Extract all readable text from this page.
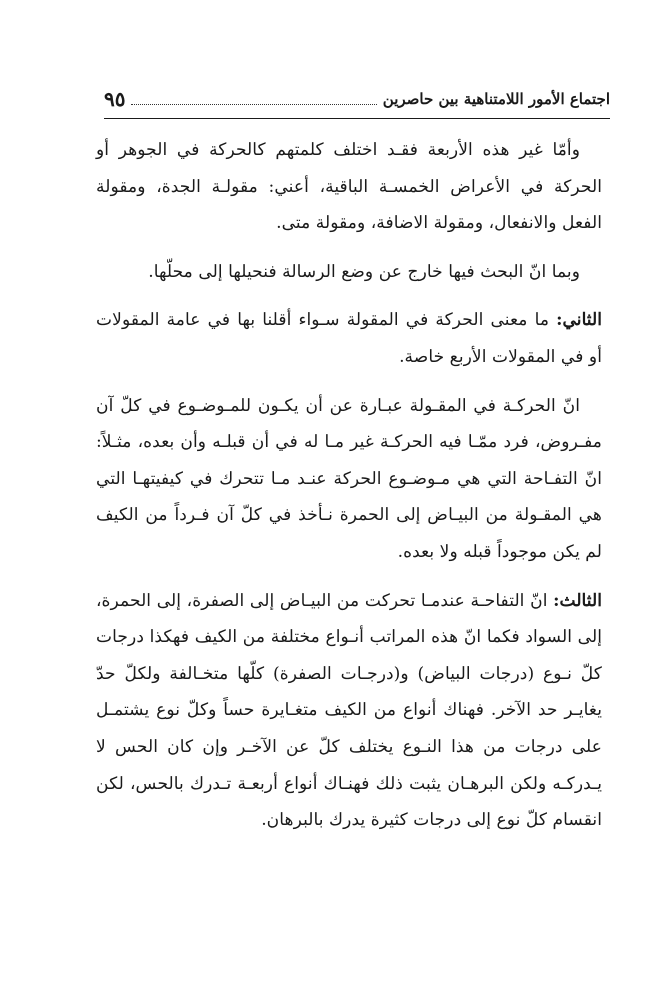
اجتماع الأمور اللامتناهية بين حاصرين
٩٥

وأمّا غير هذه الأربعة فقـد اختلف كلمتهم كالحركة في الجوهر أو الحركة في الأعراض الخمسـة الباقية، أعني: مقولـة الجدة، ومقولة الفعل والانفعال، ومقولة الاضافة، ومقولة متى.

وبما انّ البحث فيها خارج عن وضع الرسالة فنحيلها إلى محلّها.

الثاني: ما معنى الحركة في المقولة سـواء أقلنا بها في عامة المقولات أو في المقولات الأربع خاصة.

انّ الحركـة في المقـولة عبـارة عن أن يكـون للمـوضـوع في كلّ آن مفـروض، فرد ممّـا فيه الحركـة غير مـا له في أن قبلـه وأن بعده، مثـلاً: انّ التفـاحة التي هي مـوضـوع الحركة عنـد مـا تتحرك في كيفيتهـا التي هي المقـولة من البيـاض إلى الحمرة نـأخذ في كلّ آن فـرداً من الكيف لم يكن موجوداً قبله ولا بعده.

الثالث: انّ التفاحـة عندمـا تحركت من البيـاض إلى الصفرة، إلى الحمرة، إلى السواد فكما انّ هذه المراتب أنـواع مختلفة من الكيف فهكذا درجات كلّ نـوع (درجات البياض) و(درجـات الصفرة) كلّها متخـالفة ولكلّ حدّ يغايـر حد الآخر. فهناك أنواع من الكيف متغـايرة حساً وكلّ نوع يشتمـل على درجات من هذا النـوع يختلف كلّ عن الآخـر وإن كان الحس لا يـدركـه ولكن البرهـان يثبت ذلك فهنـاك أنواع أربعـة تـدرك بالحس، لكن انقسام كلّ نوع إلى درجات كثيرة يدرك بالبرهان.
